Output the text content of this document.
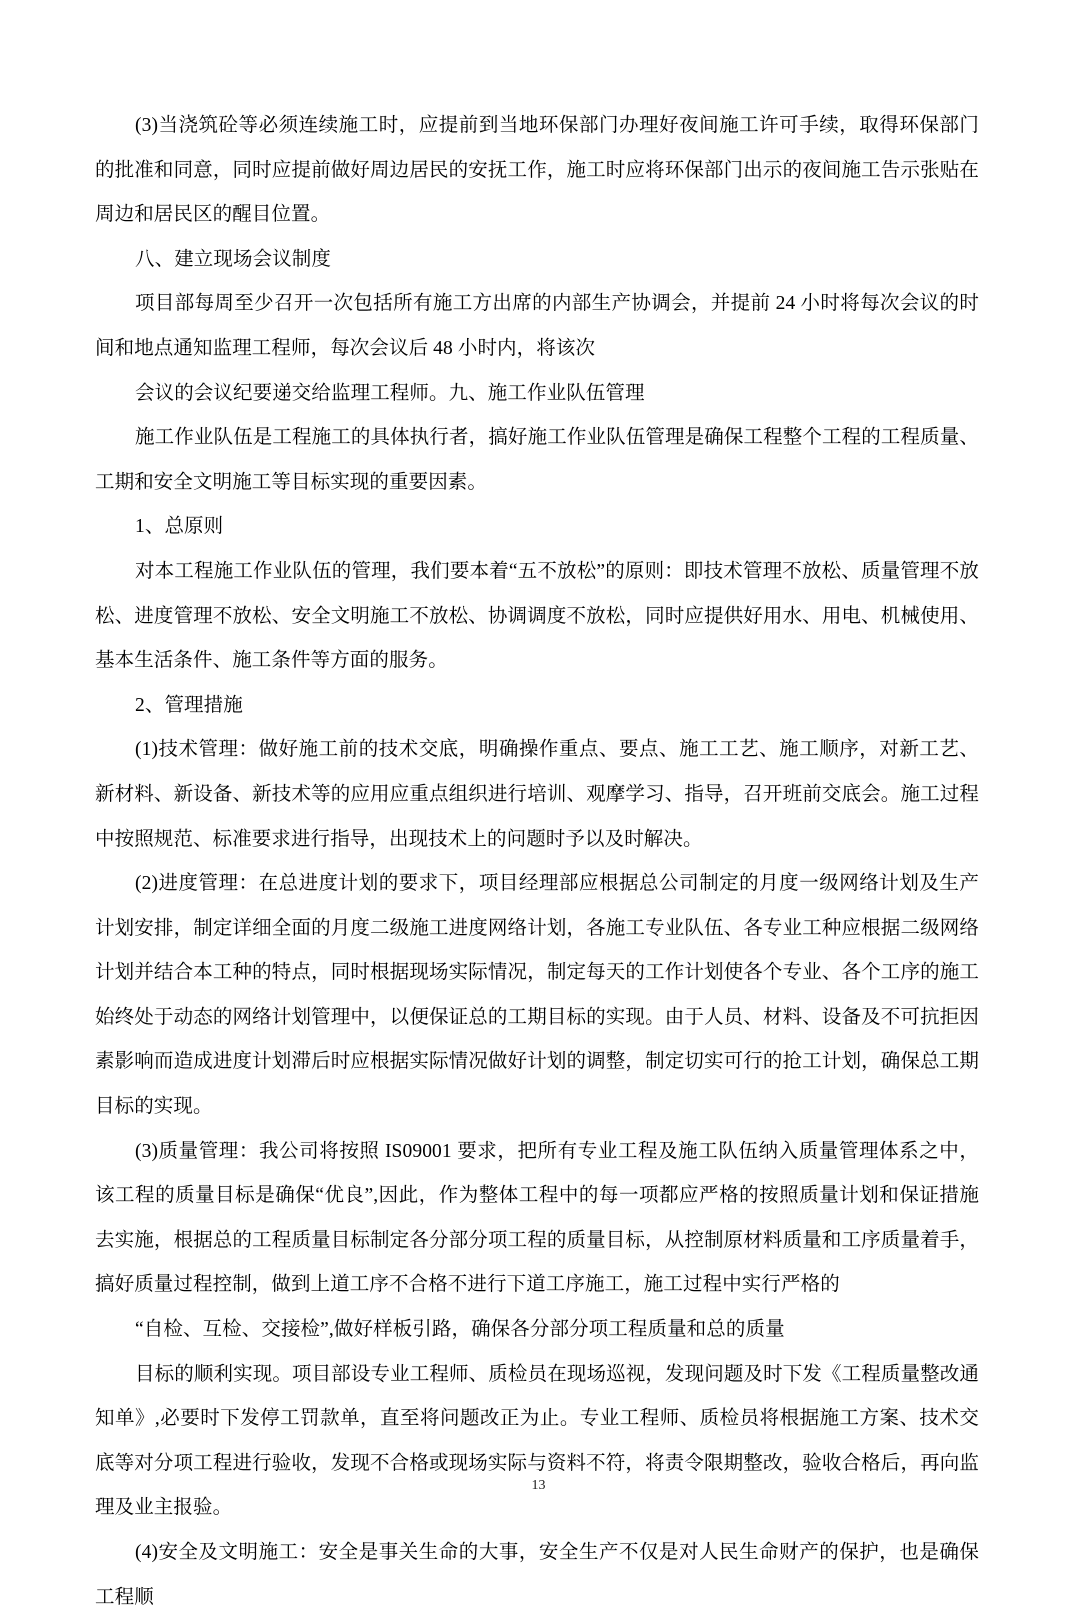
(3)当浇筑砼等必须连续施工时，应提前到当地环保部门办理好夜间施工许可手续，取得环保部门的批准和同意，同时应提前做好周边居民的安抚工作，施工时应将环保部门出示的夜间施工告示张贴在周边和居民区的醒目位置。

八、建立现场会议制度

项目部每周至少召开一次包括所有施工方出席的内部生产协调会，并提前 24 小时将每次会议的时间和地点通知监理工程师，每次会议后 48 小时内，将该次

会议的会议纪要递交给监理工程师。九、施工作业队伍管理

施工作业队伍是工程施工的具体执行者，搞好施工作业队伍管理是确保工程整个工程的工程质量、工期和安全文明施工等目标实现的重要因素。

1、总原则

对本工程施工作业队伍的管理，我们要本着“五不放松”的原则：即技术管理不放松、质量管理不放松、进度管理不放松、安全文明施工不放松、协调调度不放松，同时应提供好用水、用电、机械使用、基本生活条件、施工条件等方面的服务。

2、管理措施

(1)技术管理：做好施工前的技术交底，明确操作重点、要点、施工工艺、施工顺序，对新工艺、新材料、新设备、新技术等的应用应重点组织进行培训、观摩学习、指导，召开班前交底会。施工过程中按照规范、标准要求进行指导，出现技术上的问题时予以及时解决。

(2)进度管理：在总进度计划的要求下，项目经理部应根据总公司制定的月度一级网络计划及生产计划安排，制定详细全面的月度二级施工进度网络计划，各施工专业队伍、各专业工种应根据二级网络计划并结合本工种的特点，同时根据现场实际情况，制定每天的工作计划使各个专业、各个工序的施工始终处于动态的网络计划管理中，以便保证总的工期目标的实现。由于人员、材料、设备及不可抗拒因素影响而造成进度计划滞后时应根据实际情况做好计划的调整，制定切实可行的抢工计划，确保总工期目标的实现。

(3)质量管理：我公司将按照 IS09001 要求，把所有专业工程及施工队伍纳入质量管理体系之中，该工程的质量目标是确保“优良”,因此，作为整体工程中的每一项都应严格的按照质量计划和保证措施去实施，根据总的工程质量目标制定各分部分项工程的质量目标，从控制原材料质量和工序质量着手，搞好质量过程控制，做到上道工序不合格不进行下道工序施工，施工过程中实行严格的

“自检、互检、交接检”,做好样板引路，确保各分部分项工程质量和总的质量

目标的顺利实现。项目部设专业工程师、质检员在现场巡视，发现问题及时下发《工程质量整改通知单》,必要时下发停工罚款单，直至将问题改正为止。专业工程师、质检员将根据施工方案、技术交底等对分项工程进行验收，发现不合格或现场实际与资料不符，将责令限期整改，验收合格后，再向监理及业主报验。

(4)安全及文明施工：安全是事关生命的大事，安全生产不仅是对人民生命财产的保护，也是确保工程顺

13
